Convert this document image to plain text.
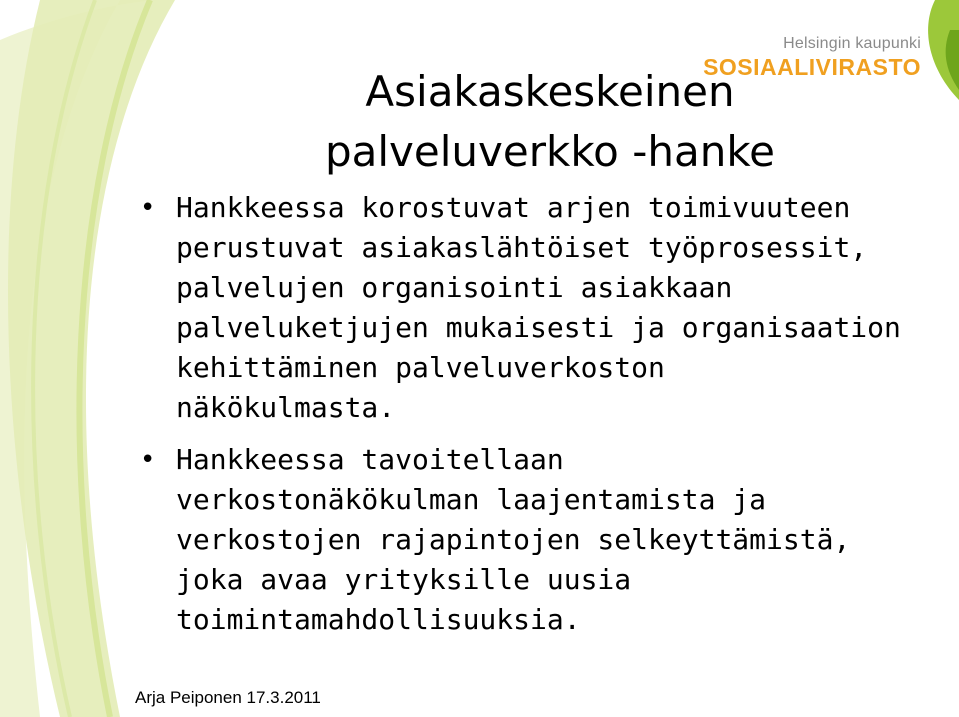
Helsingin kaupunki
SOSIAALIVIRASTO
Asiakaskeskeinen
palveluverkko -hanke
• Hankkeessa korostuvat arjen toimivuuteen
perustuvat asiakaslähtöiset työprosessit,
palvelujen organisointi asiakkaan
palveluketjujen mukaisesti ja organisaation
kehittäminen palveluverkoston
näkökulmasta.
• Hankkeessa tavoitellaan
verkostonäkökulman laajentamista ja
verkostojen rajapintojen selkeyttämistä,
joka avaa yrityksille uusia
toimintamahdollisuuksia.
Arja Peiponen 17.3.2011
